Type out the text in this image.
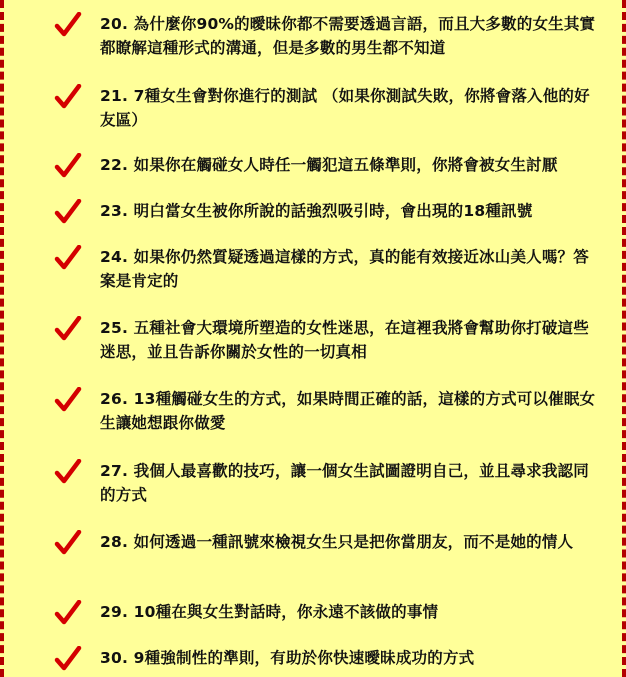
20. 為什麼你90%的曖昧你都不需要透過言語，而且大多數的女生其實都瞭解這種形式的溝通，但是多數的男生都不知道
21. 7種女生會對你進行的測試 （如果你測試失敗，你將會落入他的好友區）
22. 如果你在觸碰女人時任一觸犯這五條準則，你將會被女生討厭
23. 明白當女生被你所說的話強烈吸引時，會出現的18種訊號
24. 如果你仍然質疑透過這樣的方式，真的能有效接近冰山美人嗎？答案是肯定的
25. 五種社會大環境所塑造的女性迷思，在這裡我將會幫助你打破這些迷思，並且告訴你關於女性的一切真相
26. 13種觸碰女生的方式，如果時間正確的話，這樣的方式可以催眠女生讓她想跟你做愛
27. 我個人最喜歡的技巧，讓一個女生試圖證明自己，並且尋求我認同的方式
28. 如何透過一種訊號來檢視女生只是把你當朋友，而不是她的情人
29. 10種在與女生對話時，你永遠不該做的事情
30. 9種強制性的準則，有助於你快速曖昧成功的方式
